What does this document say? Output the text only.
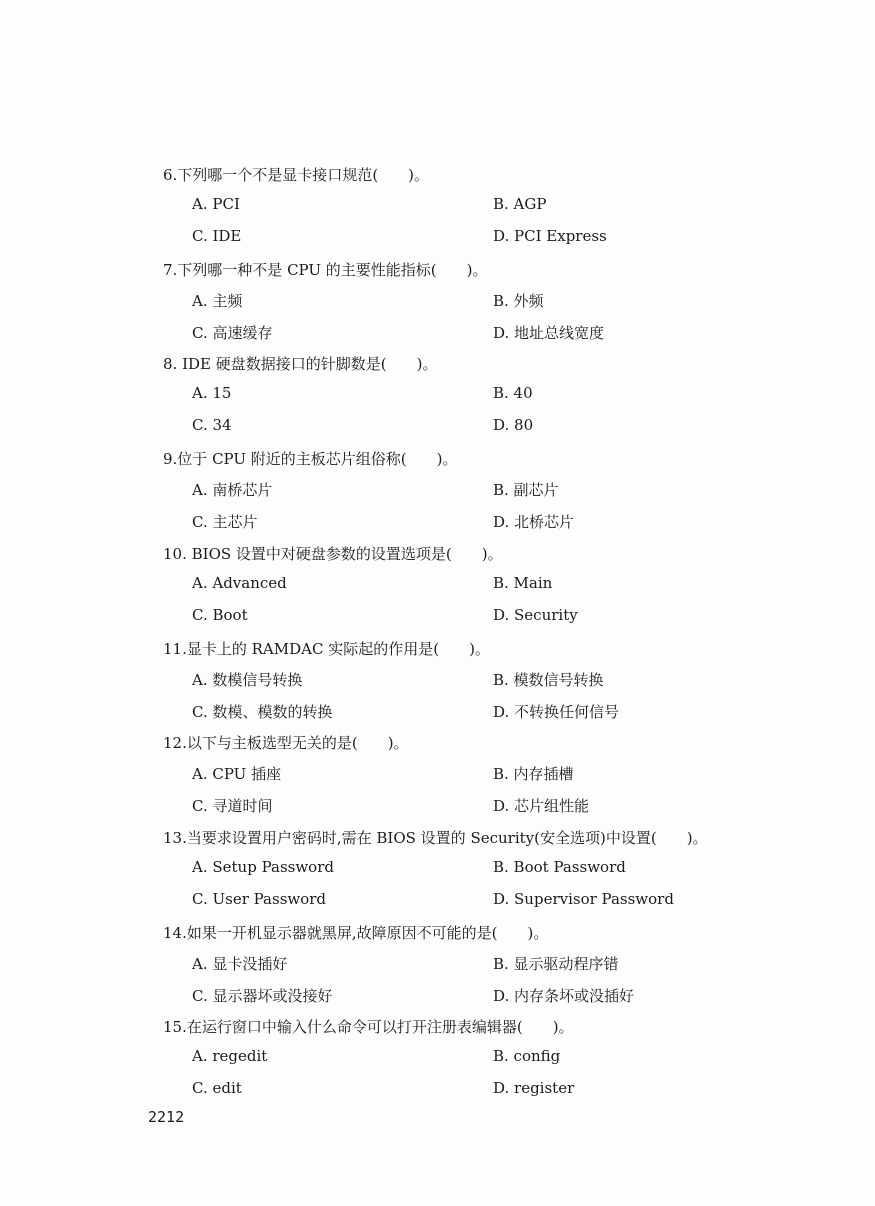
6.下列哪一个不是显卡接口规范(　　)。
A. PCI	B. AGP
C. IDE	D. PCI Express
7.下列哪一种不是 CPU 的主要性能指标(　　)。
A. 主频	B. 外频
C. 高速缓存	D. 地址总线宽度
8. IDE 硬盘数据接口的针脚数是(　　)。
A. 15	B. 40
C. 34	D. 80
9.位于 CPU 附近的主板芯片组俗称(　　)。
A. 南桥芯片	B. 副芯片
C. 主芯片	D. 北桥芯片
10. BIOS 设置中对硬盘参数的设置选项是(　　)。
A. Advanced	B. Main
C. Boot	D. Security
11.显卡上的 RAMDAC 实际起的作用是(　　)。
A. 数模信号转换	B. 模数信号转换
C. 数模、模数的转换	D. 不转换任何信号
12.以下与主板选型无关的是(　　)。
A. CPU 插座	B. 内存插槽
C. 寻道时间	D. 芯片组性能
13.当要求设置用户密码时,需在 BIOS 设置的 Security(安全选项)中设置(　　)。
A. Setup Password	B. Boot Password
C. User Password	D. Supervisor Password
14.如果一开机显示器就黑屏,故障原因不可能的是(　　)。
A. 显卡没插好	B. 显示驱动程序错
C. 显示器坏或没接好	D. 内存条坏或没插好
15.在运行窗口中输入什么命令可以打开注册表编辑器(　　)。
A. regedit	B. config
C. edit	D. register
2212
